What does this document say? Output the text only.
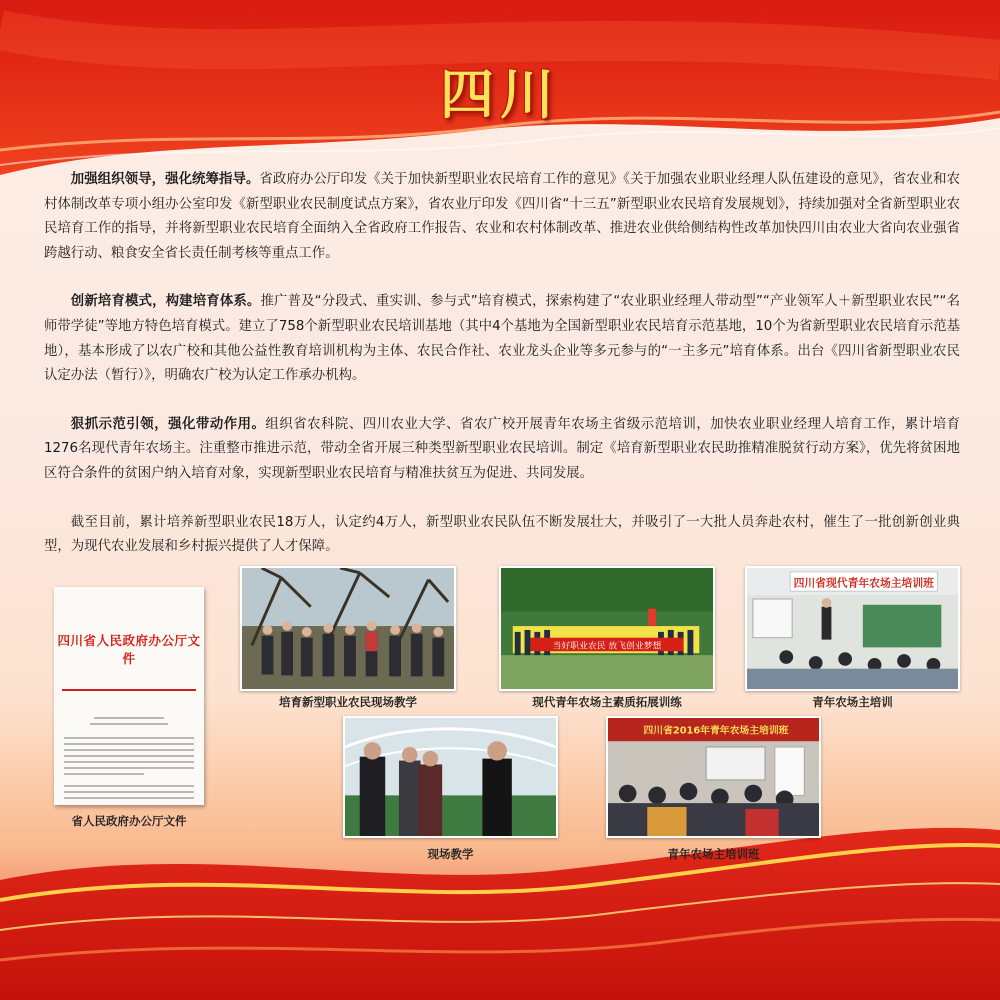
四川

加强组织领导，强化统筹指导。省政府办公厅印发《关于加快新型职业农民培育工作的意见》《关于加强农业职业经理人队伍建设的意见》，省农业和农村体制改革专项小组办公室印发《新型职业农民制度试点方案》，省农业厅印发《四川省“十三五”新型职业农民培育发展规划》，持续加强对全省新型职业农民培育工作的指导，并将新型职业农民培育全面纳入全省政府工作报告、农业和农村体制改革、推进农业供给侧结构性改革加快四川由农业大省向农业强省跨越行动、粮食安全省长责任制考核等重点工作。

创新培育模式，构建培育体系。推广普及“分段式、重实训、参与式”培育模式，探索构建了“农业职业经理人带动型”“产业领军人＋新型职业农民”“名师带学徒”等地方特色培育模式。建立了758个新型职业农民培训基地（其中4个基地为全国新型职业农民培育示范基地，10个为省新型职业农民培育示范基地），基本形成了以农广校和其他公益性教育培训机构为主体、农民合作社、农业龙头企业等多元参与的“一主多元”培育体系。出台《四川省新型职业农民认定办法（暂行）》，明确农广校为认定工作承办机构。

狠抓示范引领，强化带动作用。组织省农科院、四川农业大学、省农广校开展青年农场主省级示范培训，加快农业职业经理人培育工作，累计培育1276名现代青年农场主。注重整市推进示范，带动全省开展三种类型新型职业农民培训。制定《培育新型职业农民助推精准脱贫行动方案》，优先将贫困地区符合条件的贫困户纳入培育对象，实现新型职业农民培育与精准扶贫互为促进、共同发展。

截至目前，累计培养新型职业农民18万人，认定约4万人，新型职业农民队伍不断发展壮大，并吸引了一大批人员奔赴农村，催生了一批创新创业典型，为现代农业发展和乡村振兴提供了人才保障。

四川省人民政府办公厅文件
省人民政府办公厅文件
培育新型职业农民现场教学
当好职业农民 放飞创业梦想
现代青年农场主素质拓展训练
四川省现代青年农场主培训班
青年农场主培训
现场教学
四川省2016年青年农场主培训班
青年农场主培训班
